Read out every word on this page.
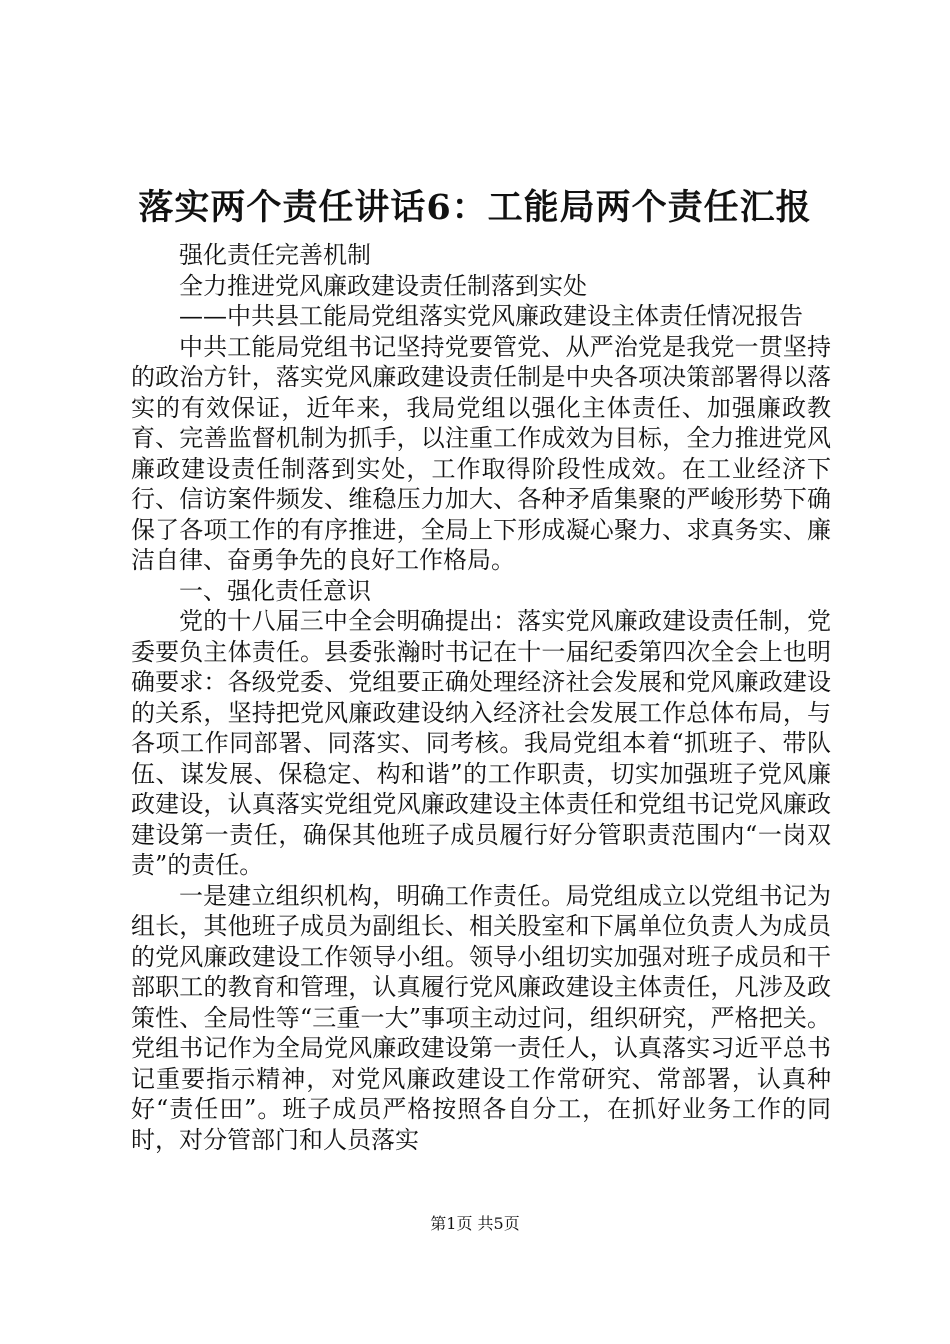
落实两个责任讲话6：工能局两个责任汇报

强化责任完善机制

全力推进党风廉政建设责任制落到实处

——中共县工能局党组落实党风廉政建设主体责任情况报告

中共工能局党组书记坚持党要管党、从严治党是我党一贯坚持的政治方针，落实党风廉政建设责任制是中央各项决策部署得以落实的有效保证，近年来，我局党组以强化主体责任、加强廉政教育、完善监督机制为抓手，以注重工作成效为目标，全力推进党风廉政建设责任制落到实处，工作取得阶段性成效。在工业经济下行、信访案件频发、维稳压力加大、各种矛盾集聚的严峻形势下确保了各项工作的有序推进，全局上下形成凝心聚力、求真务实、廉洁自律、奋勇争先的良好工作格局。

一、强化责任意识

党的十八届三中全会明确提出：落实党风廉政建设责任制，党委要负主体责任。县委张瀚时书记在十一届纪委第四次全会上也明确要求：各级党委、党组要正确处理经济社会发展和党风廉政建设的关系，坚持把党风廉政建设纳入经济社会发展工作总体布局，与各项工作同部署、同落实、同考核。我局党组本着“抓班子、带队伍、谋发展、保稳定、构和谐”的工作职责，切实加强班子党风廉政建设，认真落实党组党风廉政建设主体责任和党组书记党风廉政建设第一责任，确保其他班子成员履行好分管职责范围内“一岗双责”的责任。

一是建立组织机构，明确工作责任。局党组成立以党组书记为组长，其他班子成员为副组长、相关股室和下属单位负责人为成员的党风廉政建设工作领导小组。领导小组切实加强对班子成员和干部职工的教育和管理，认真履行党风廉政建设主体责任，凡涉及政策性、全局性等“三重一大”事项主动过问，组织研究，严格把关。党组书记作为全局党风廉政建设第一责任人，认真落实习近平总书记重要指示精神，对党风廉政建设工作常研究、常部署，认真种好“责任田”。班子成员严格按照各自分工，在抓好业务工作的同时，对分管部门和人员落实

第1页 共5页
